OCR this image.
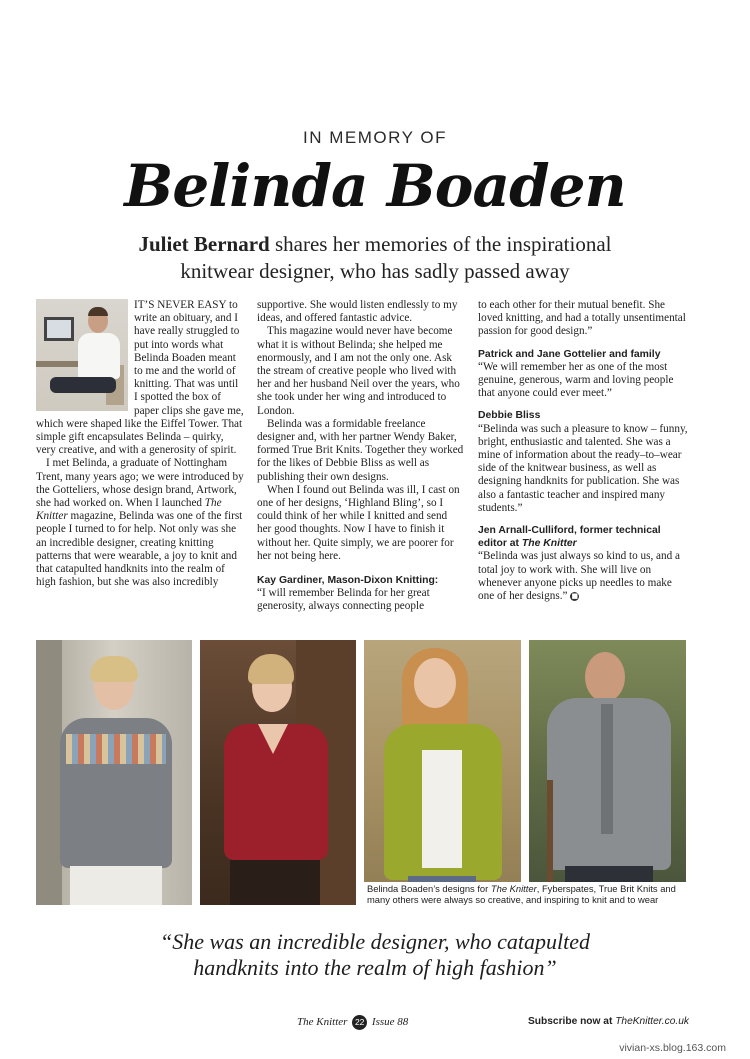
IN MEMORY OF
Belinda Boaden
Juliet Bernard shares her memories of the inspirational
knitwear designer, who has sadly passed away

IT’S NEVER EASY to write an obituary, and I have really struggled to put into words what Belinda Boaden meant to me and the world of knitting. That was until I spotted the box of paper clips she gave me, which were shaped like the Eiffel Tower. That simple gift encapsulates Belinda – quirky, very creative, and with a generosity of spirit.

I met Belinda, a graduate of Nottingham Trent, many years ago; we were introduced by the Gotteliers, whose design brand, Artwork, she had worked on. When I launched The Knitter magazine, Belinda was one of the first people I turned to for help. Not only was she an incredible designer, creating knitting patterns that were wearable, a joy to knit and that catapulted handknits into the realm of high fashion, but she was also incredibly

supportive. She would listen endlessly to my ideas, and offered fantastic advice.

This magazine would never have become what it is without Belinda; she helped me enormously, and I am not the only one. Ask the stream of creative people who lived with her and her husband Neil over the years, who she took under her wing and introduced to London.

Belinda was a formidable freelance designer and, with her partner Wendy Baker, formed True Brit Knits. Together they worked for the likes of Debbie Bliss as well as publishing their own designs.

When I found out Belinda was ill, I cast on one of her designs, ‘Highland Bling’, so I could think of her while I knitted and send her good thoughts. Now I have to finish it without her. Quite simply, we are poorer for her not being here.

Kay Gardiner, Mason-Dixon Knitting:
“I will remember Belinda for her great generosity, always connecting people
to each other for their mutual benefit. She loved knitting, and had a totally unsentimental passion for good design.”
Patrick and Jane Gottelier and family
“We will remember her as one of the most genuine, generous, warm and loving people that anyone could ever meet.”
Debbie Bliss
“Belinda was such a pleasure to know – funny, bright, enthusiastic and talented. She was a mine of information about the ready–to–wear side of the knitwear business, as well as designing handknits for publication. She was also a fantastic teacher and inspired many students.”
Jen Arnall-Culliford, former technical editor at The Knitter
“Belinda was just always so kind to us, and a total joy to work with. She will live on whenever anyone picks up needles to make one of her designs.” ■
Belinda Boaden’s designs for The Knitter, Fyberspates, True Brit Knits and many others were always so creative, and inspiring to knit and to wear
“She was an incredible designer, who catapulted
handknits into the realm of high fashion”
The Knitter 22 Issue 88	Subscribe now at TheKnitter.co.uk
vivian-xs.blog.163.com
